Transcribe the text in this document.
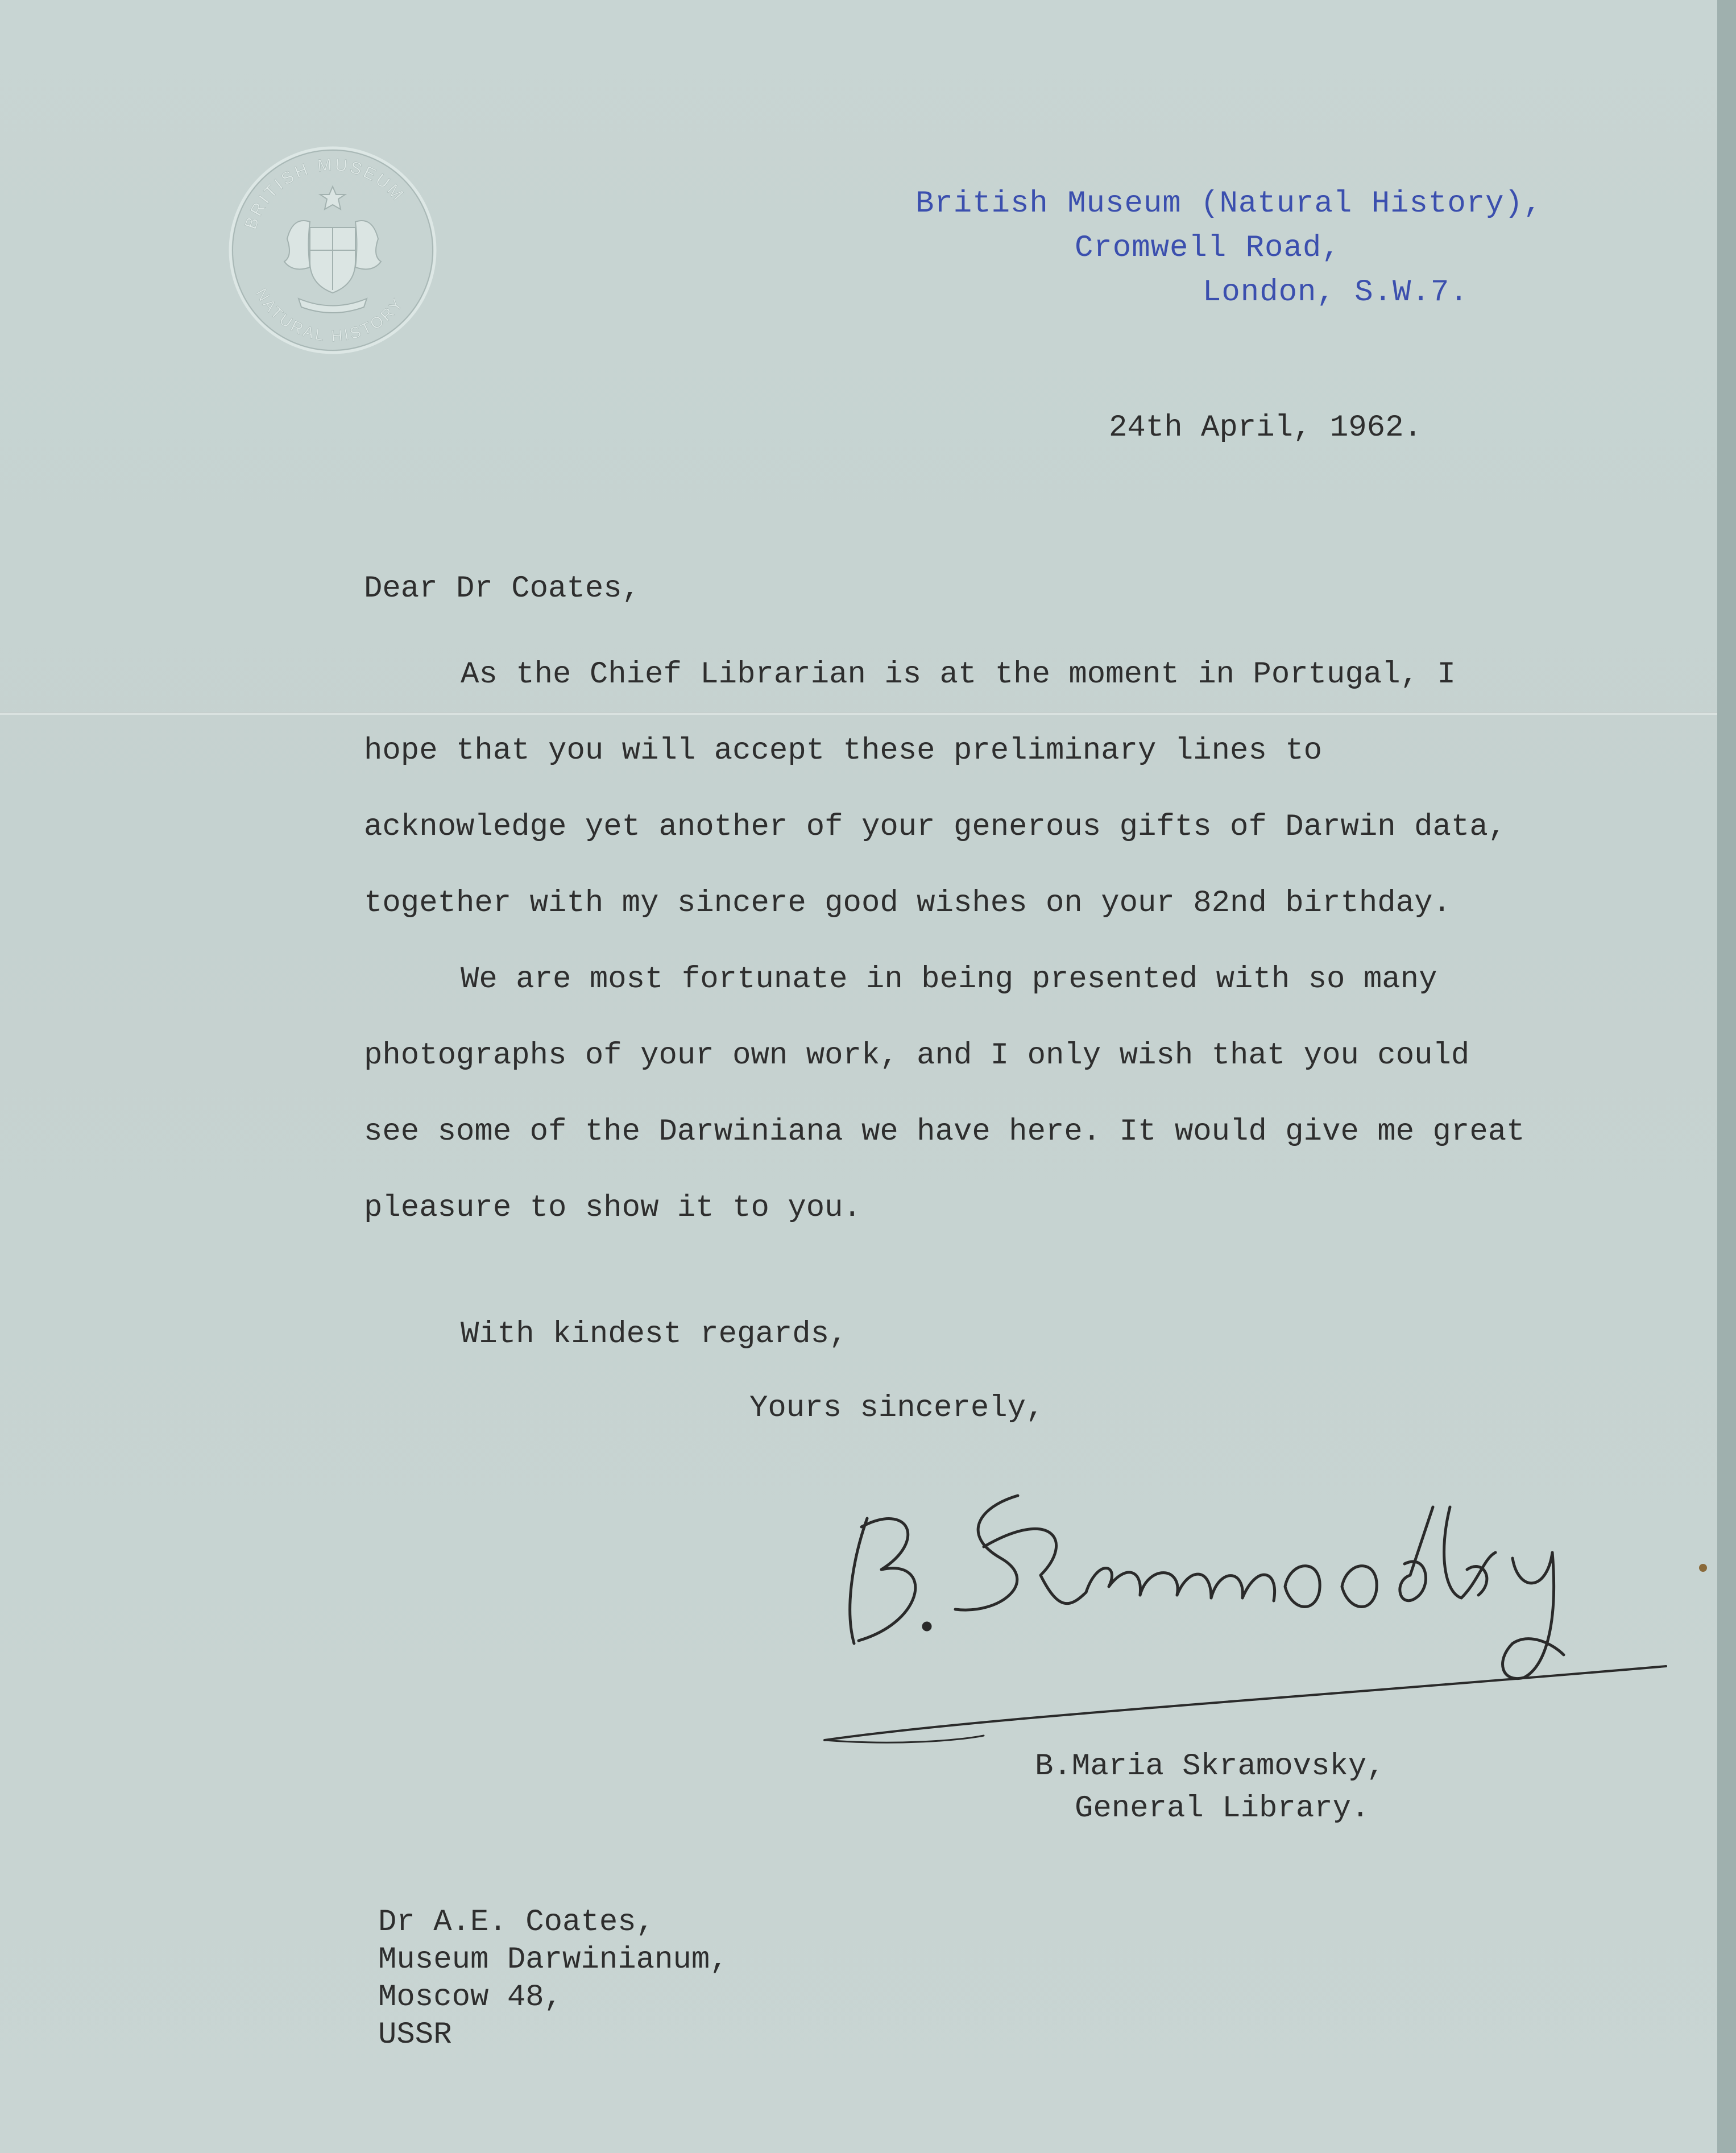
BRITISH MUSEUM
NATURAL HISTORY
British Museum (Natural History),
Cromwell Road,
London, S.W.7.
24th April, 1962.
Dear Dr Coates,

As the Chief Librarian is at the moment in Portugal, I hope that you will accept these preliminary lines to acknowledge yet another of your generous gifts of Darwin data, together with my sincere good wishes on your 82nd birthday.

We are most fortunate in being presented with so many photographs of your own work, and I only wish that you could see some of the Darwiniana we have here. It would give me great pleasure to show it to you.

With kindest regards,
Yours sincerely,
B.Maria Skramovsky,
General Library.
Dr A.E. Coates,
Museum Darwinianum,
Moscow 48,
USSR
